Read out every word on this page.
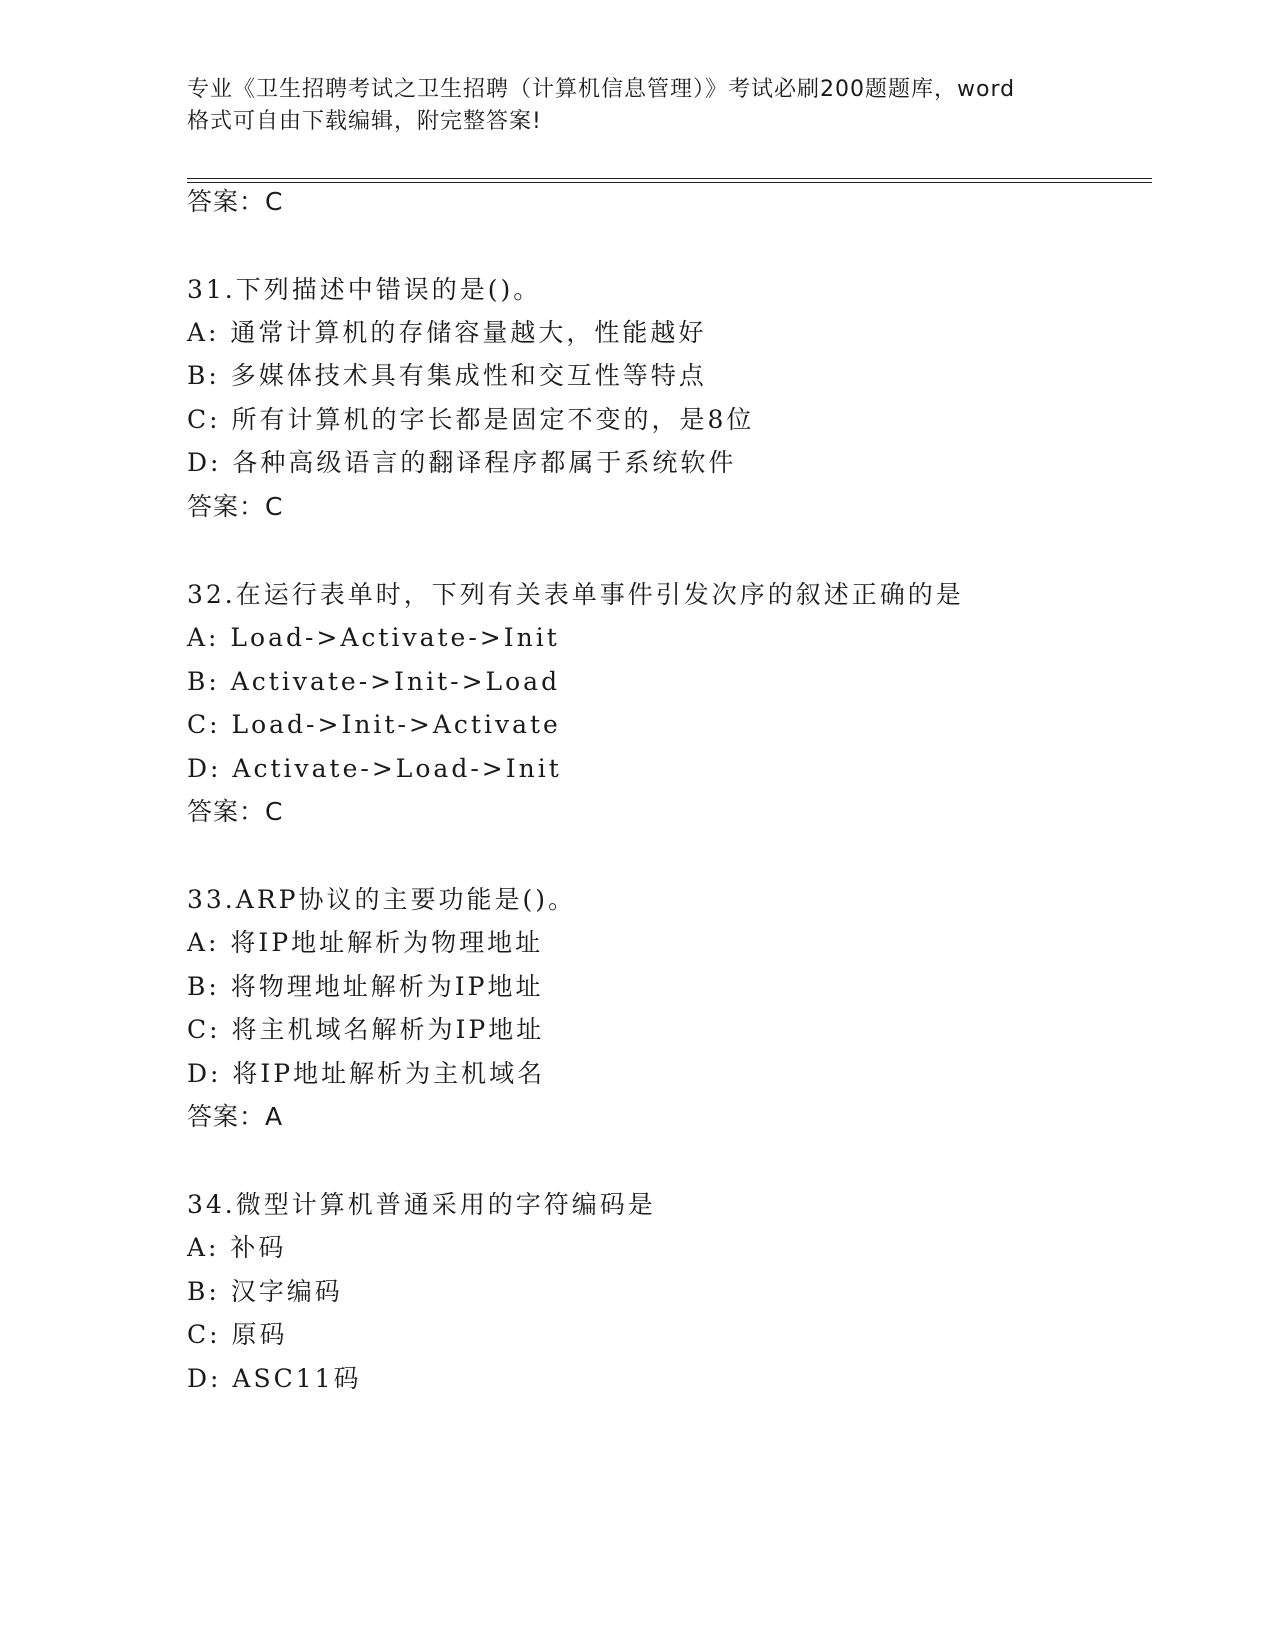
专业《卫生招聘考试之卫生招聘（计算机信息管理）》考试必刷200题题库，word
格式可自由下载编辑，附完整答案!
答案：C
31.下列描述中错误的是()。
A: 通常计算机的存储容量越大，性能越好
B: 多媒体技术具有集成性和交互性等特点
C: 所有计算机的字长都是固定不变的，是8位
D: 各种高级语言的翻译程序都属于系统软件
答案：C
32.在运行表单时，下列有关表单事件引发次序的叙述正确的是
A: Load->Activate->Init
B: Activate->Init->Load
C: Load->Init->Activate
D: Activate->Load->Init
答案：C
33.ARP协议的主要功能是()。
A: 将IP地址解析为物理地址
B: 将物理地址解析为IP地址
C: 将主机域名解析为IP地址
D: 将IP地址解析为主机域名
答案：A
34.微型计算机普通采用的字符编码是
A: 补码
B: 汉字编码
C: 原码
D: ASC11码
